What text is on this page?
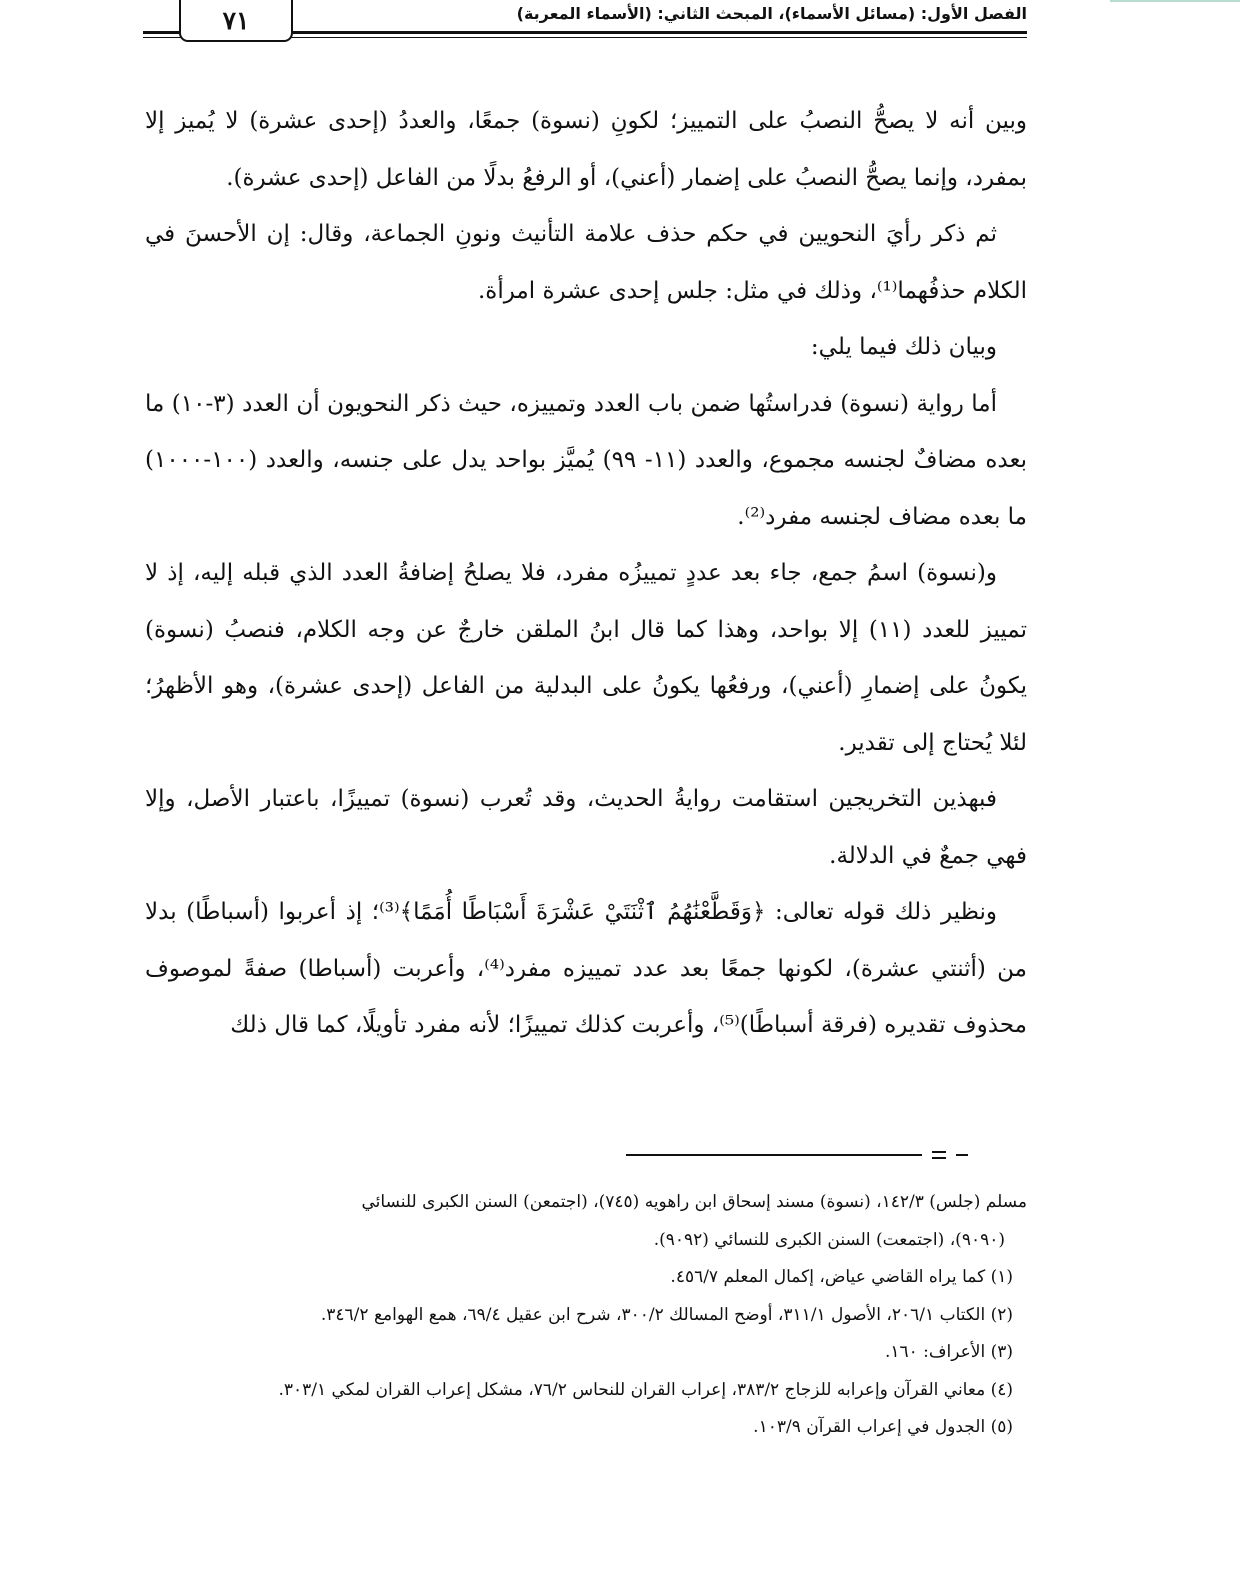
٧١	الفصل الأول: (مسائل الأسماء)، المبحث الثاني: (الأسماء المعربة)

وبين أنه لا يصحُّ النصبُ على التمييز؛ لكونِ (نسوة) جمعًا، والعددُ (إحدى عشرة) لا يُميز إلا بمفرد، وإنما يصحُّ النصبُ على إضمار (أعني)، أو الرفعُ بدلًا من الفاعل (إحدى عشرة).

ثم ذكر رأيَ النحويين في حكم حذف علامة التأنيث ونونِ الجماعة، وقال: إن الأحسنَ في الكلام حذفُهما⁽¹⁾، وذلك في مثل: جلس إحدى عشرة امرأة.

وبيان ذلك فيما يلي:

أما رواية (نسوة) فدراستُها ضمن باب العدد وتمييزه، حيث ذكر النحويون أن العدد (٣-١٠) ما بعده مضافٌ لجنسه مجموع، والعدد (١١- ٩٩) يُميَّز بواحد يدل على جنسه، والعدد (١٠٠-١٠٠٠) ما بعده مضاف لجنسه مفرد⁽²⁾.

و(نسوة) اسمُ جمع، جاء بعد عددٍ تمييزُه مفرد، فلا يصلحُ إضافةُ العدد الذي قبله إليه، إذ لا تمييز للعدد (١١) إلا بواحد، وهذا كما قال ابنُ الملقن خارجٌ عن وجه الكلام، فنصبُ (نسوة) يكونُ على إضمارِ (أعني)، ورفعُها يكونُ على البدلية من الفاعل (إحدى عشرة)، وهو الأظهرُ؛ لئلا يُحتاج إلى تقدير.

فبهذين التخريجين استقامت روايةُ الحديث، وقد تُعرب (نسوة) تمييزًا، باعتبار الأصل، وإلا فهي جمعٌ في الدلالة.

ونظير ذلك قوله تعالى: ﴿وَقَطَّعْنَٰهُمُ ٱثْنَتَيْ عَشْرَةَ أَسْبَاطًا أُمَمًا﴾⁽³⁾؛ إذ أعربوا (أسباطًا) بدلا من (أثنتي عشرة)، لكونها جمعًا بعد عدد تمييزه مفرد⁽⁴⁾، وأعربت (أسباطا) صفةً لموصوف محذوف تقديره (فرقة أسباطًا)⁽⁵⁾، وأعربت كذلك تمييزًا؛ لأنه مفرد تأويلًا، كما قال ذلك

مسلم (جلس) ١٤٢/٣، (نسوة) مسند إسحاق ابن راهويه (٧٤٥)، (اجتمعن) السنن الكبرى للنسائي

(٩٠٩٠)، (اجتمعت) السنن الكبرى للنسائي (٩٠٩٢).

(١) كما يراه القاضي عياض، إكمال المعلم ٤٥٦/٧.

(٢) الكتاب ٢٠٦/١، الأصول ٣١١/١، أوضح المسالك ٣٠٠/٢، شرح ابن عقيل ٦٩/٤، همع الهوامع ٣٤٦/٢.

(٣) الأعراف: ١٦٠.

(٤) معاني القرآن وإعرابه للزجاج ٣٨٣/٢، إعراب القران للنحاس ٧٦/٢، مشكل إعراب القران لمكي ٣٠٣/١.

(٥) الجدول في إعراب القرآن ١٠٣/٩.
